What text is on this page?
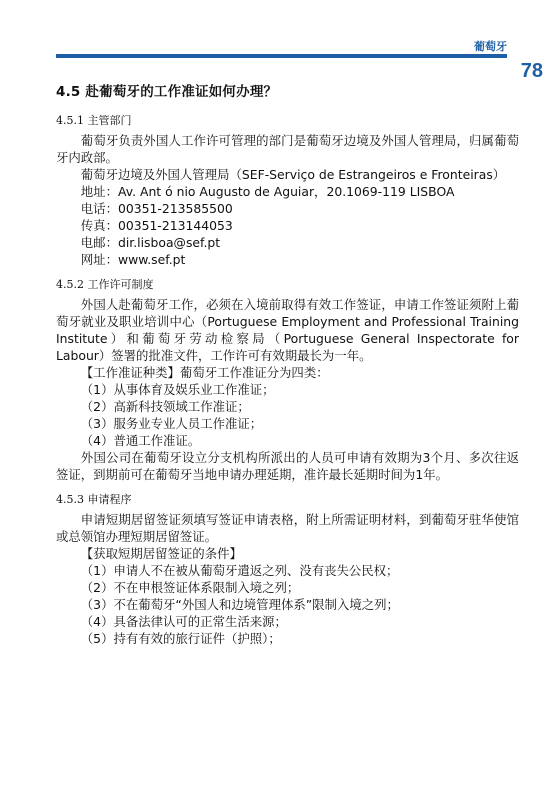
葡萄牙
78
4.5 赴葡萄牙的工作准证如何办理？
4.5.1 主管部门

葡萄牙负责外国人工作许可管理的部门是葡萄牙边境及外国人管理局，归属葡萄牙内政部。

葡萄牙边境及外国人管理局（SEF-Serviço de Estrangeiros e Fronteiras）

地址：Av. Ant ó nio Augusto de Aguiar，20.1069-119 LISBOA

电话：00351-213585500

传真：00351-213144053

电邮：dir.lisboa@sef.pt

网址：www.sef.pt

4.5.2 工作许可制度

外国人赴葡萄牙工作，必须在入境前取得有效工作签证，申请工作签证须附上葡萄牙就业及职业培训中心（Portuguese Employment and Professional Training Institute）和葡萄牙劳动检察局（Portuguese General Inspectorate for Labour）签署的批准文件，工作许可有效期最长为一年。

【工作准证种类】葡萄牙工作准证分为四类：

（1）从事体育及娱乐业工作准证；

（2）高新科技领域工作准证；

（3）服务业专业人员工作准证；

（4）普通工作准证。

外国公司在葡萄牙设立分支机构所派出的人员可申请有效期为3个月、多次往返签证，到期前可在葡萄牙当地申请办理延期，准许最长延期时间为1年。

4.5.3 申请程序

申请短期居留签证须填写签证申请表格，附上所需证明材料，到葡萄牙驻华使馆或总领馆办理短期居留签证。

【获取短期居留签证的条件】

（1）申请人不在被从葡萄牙遣返之列、没有丧失公民权；

（2）不在申根签证体系限制入境之列；

（3）不在葡萄牙“外国人和边境管理体系”限制入境之列；

（4）具备法律认可的正常生活来源；

（5）持有有效的旅行证件（护照）；
